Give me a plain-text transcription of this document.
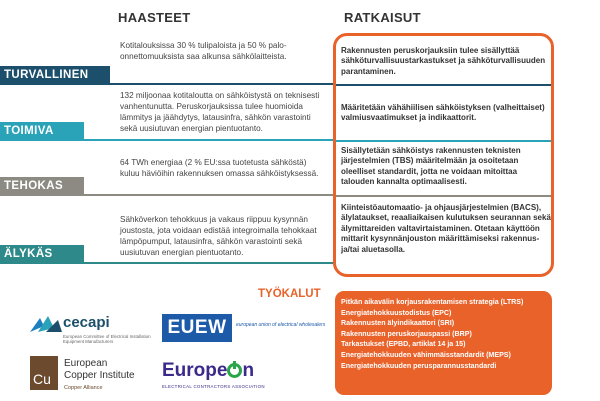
HAASTEET	RATKAISUT
Kotitalouksissa 30 % tulipaloista ja 50 % palo-onnettomuuksista saa alkunsa sähkölaitteista.
TURVALLINEN
132 miljoonaa kotitaloutta on sähköistystä on teknisesti vanhentunutta. Peruskorjauksissa tulee huomioida lämmitys ja jäähdytys, latausinfra, sähkön varastointi sekä uusiutuvan energian pientuotanto.
TOIMIVA
64 TWh energiaa (2 % EU:ssa tuotetusta sähköstä) kuluu häviöihin rakennuksen omassa sähköistyksessä.
TEHOKAS
Sähköverkon tehokkuus ja vakaus riippuu kysynnän joustosta, jota voidaan edistää integroimalla tehokkaat lämpöpumput, latausinfra, sähkön varastointi sekä uusiutuvan energian pientuotanto.
ÄLYKÄS
Rakennusten peruskorjauksiin tulee sisällyttää sähköturvallisuustarkastukset ja sähköturvallisuuden parantaminen.
Määritetään vähähiilisen sähköistyksen (valheittaiset) valmiusvaatimukset ja indikaattorit.
Sisällytetään sähköistys rakennusten teknisten järjestelmien (TBS) määritelmään ja osoitetaan oleelliset standardit, jotta ne voidaan mitoittaa talouden kannalta optimaalisesti.
Kiinteistöautomaatio- ja ohjausjärjestelmien (BACS), älylataukset, reaaliaikaisen kulutuksen seurannan sekä älymittareiden valtavirtaistaminen. Otetaan käyttöön mittarit kysynnänjouston määrittämiseksi rakennus- ja/tai aluetasolla.
TYÖKALUT
Pitkän aikavälin korjausrakentamisen strategia (LTRS)
Energiatehokkuustodistus (EPC)
Rakennusten älyindikaattori (SRI)
Rakennusten peruskorjauspassi (BRP)
Tarkastukset (EPBD, artiklat 14 ja 15)
Energiatehokkuuden vähimmäisstandardit (MEPS)
Energiatehokkuuden perusparannusstandardi
cecapi
European Committee of Electrical Installation Equipment Manufacturers
EUEW	european union of electrical wholesalers
Cu
European
Copper Institute
Copper Alliance
Europe n
ELECTRICAL CONTRACTORS ASSOCIATION
